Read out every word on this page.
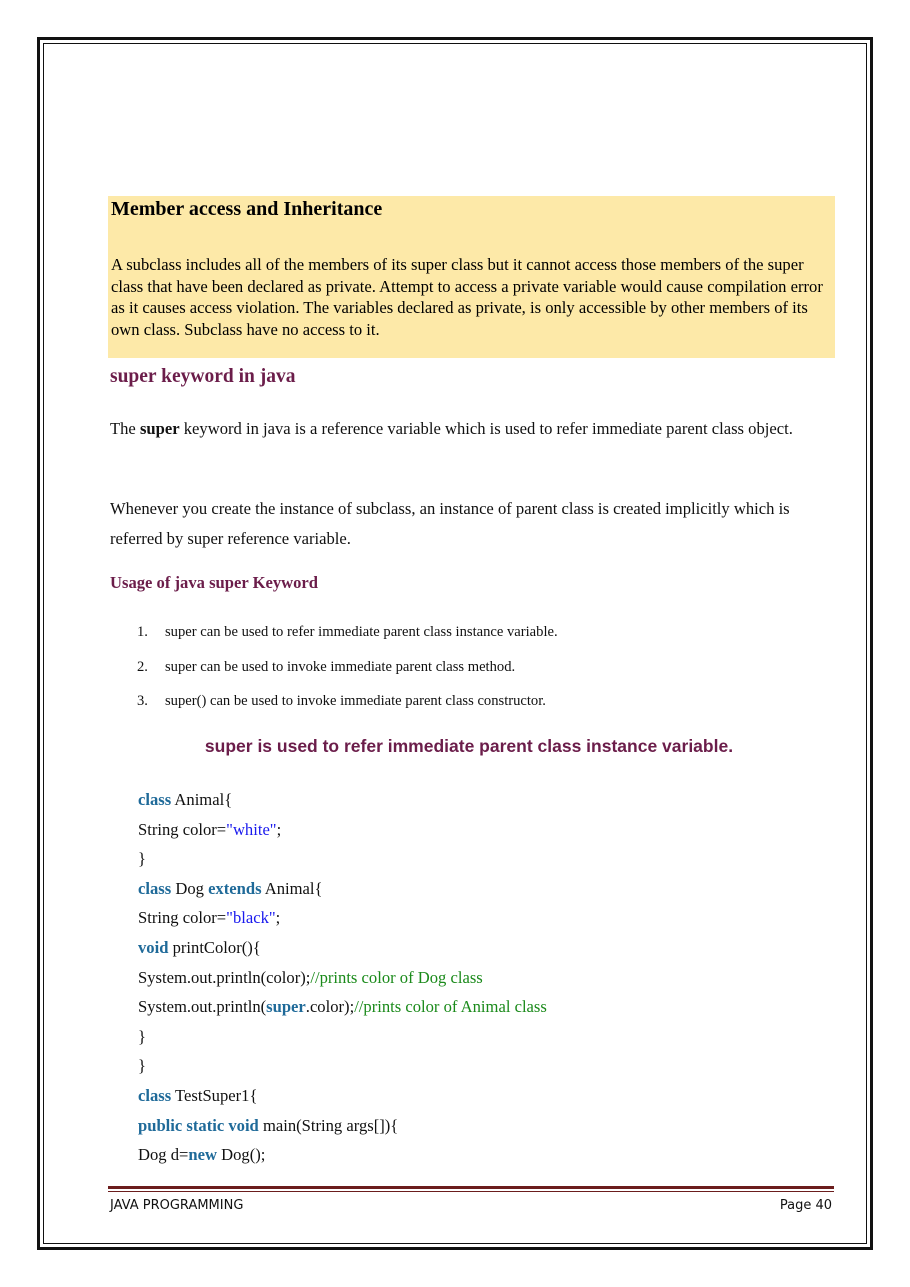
Member access and Inheritance
A subclass includes all of the members of its super class but it cannot access those members of the super class that have been declared as private. Attempt to access a private variable would cause compilation error as it causes access violation. The variables declared as private, is only accessible by other members of its own class. Subclass have no access to it.
super keyword in java
The super keyword in java is a reference variable which is used to refer immediate parent class object.
Whenever you create the instance of subclass, an instance of parent class is created implicitly which is referred by super reference variable.
Usage of java super Keyword
1.	super can be used to refer immediate parent class instance variable.
2.	super can be used to invoke immediate parent class method.
3.	super() can be used to invoke immediate parent class constructor.
super is used to refer immediate parent class instance variable.
class Animal{
String color="white";
}
class Dog extends Animal{
String color="black";
void printColor(){
System.out.println(color);//prints color of Dog class
System.out.println(super.color);//prints color of Animal class
}
}
class TestSuper1{
public static void main(String args[]){
Dog d=new Dog();
JAVA PROGRAMMING	Page 40
